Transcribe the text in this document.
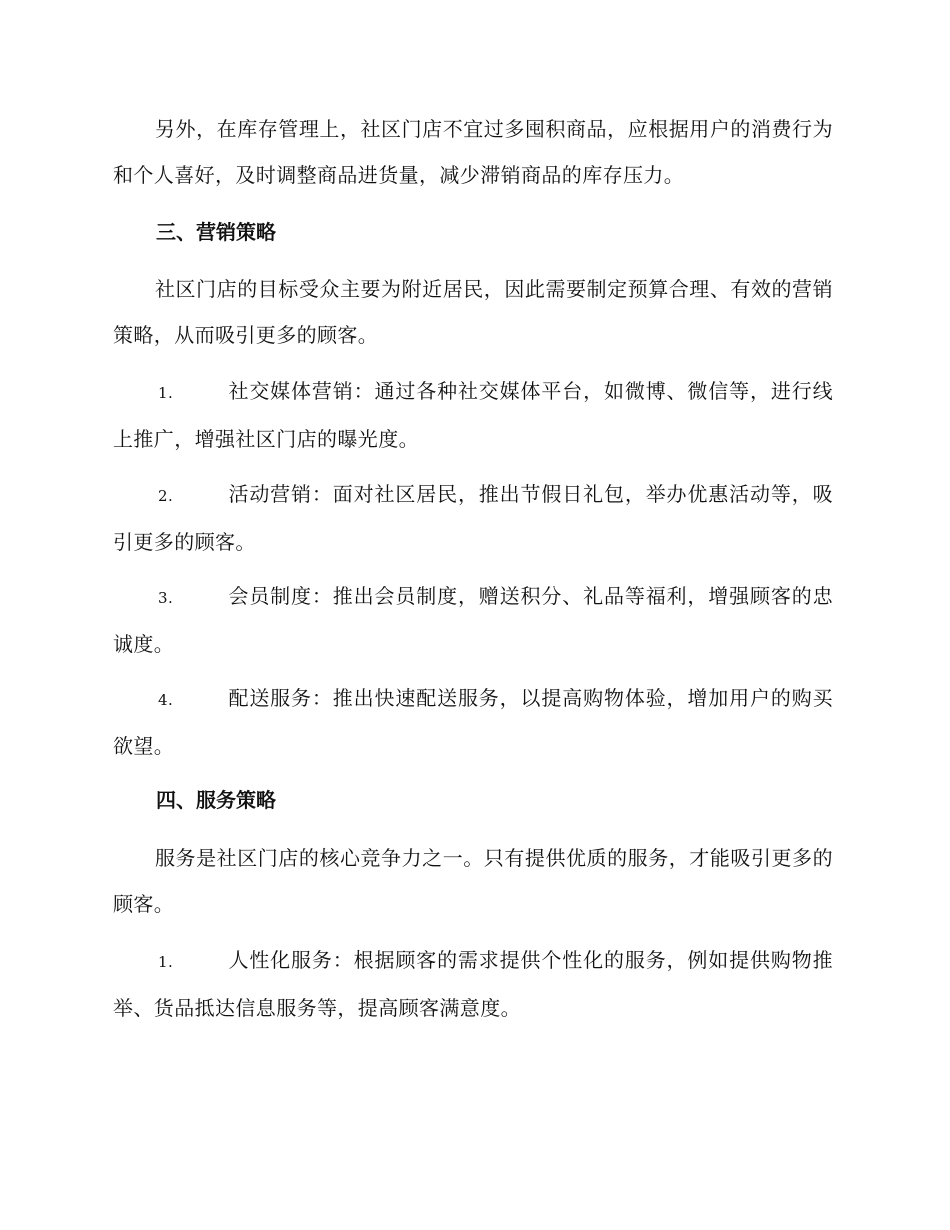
另外，在库存管理上，社区门店不宜过多囤积商品，应根据用户的消费行为和个人喜好，及时调整商品进货量，减少滞销商品的库存压力。

三、营销策略

社区门店的目标受众主要为附近居民，因此需要制定预算合理、有效的营销策略，从而吸引更多的顾客。

1.	社交媒体营销：通过各种社交媒体平台，如微博、微信等，进行线上推广，增强社区门店的曝光度。

2.	活动营销：面对社区居民，推出节假日礼包，举办优惠活动等，吸引更多的顾客。

3.	会员制度：推出会员制度，赠送积分、礼品等福利，增强顾客的忠诚度。

4.	配送服务：推出快速配送服务，以提高购物体验，增加用户的购买欲望。

四、服务策略

服务是社区门店的核心竞争力之一。只有提供优质的服务，才能吸引更多的顾客。

1.	人性化服务：根据顾客的需求提供个性化的服务，例如提供购物推举、货品抵达信息服务等，提高顾客满意度。
